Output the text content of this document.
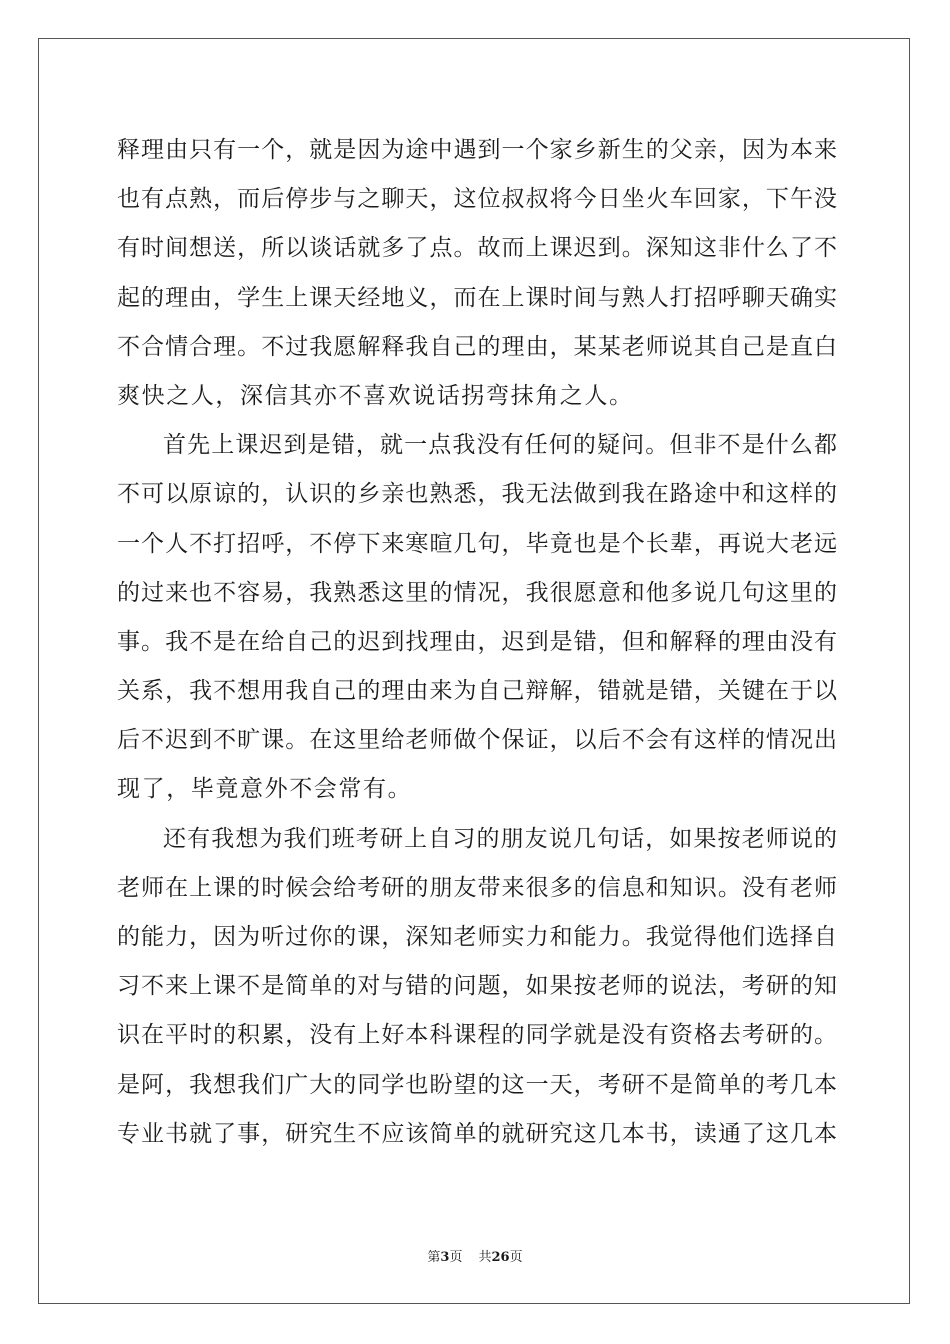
释理由只有一个，就是因为途中遇到一个家乡新生的父亲，因为本来
也有点熟，而后停步与之聊天，这位叔叔将今日坐火车回家，下午没
有时间想送，所以谈话就多了点。故而上课迟到。深知这非什么了不
起的理由，学生上课天经地义，而在上课时间与熟人打招呼聊天确实
不合情合理。不过我愿解释我自己的理由，某某老师说其自己是直白
爽快之人，深信其亦不喜欢说话拐弯抹角之人。
首先上课迟到是错，就一点我没有任何的疑问。但非不是什么都
不可以原谅的，认识的乡亲也熟悉，我无法做到我在路途中和这样的
一个人不打招呼，不停下来寒暄几句，毕竟也是个长辈，再说大老远
的过来也不容易，我熟悉这里的情况，我很愿意和他多说几句这里的
事。我不是在给自己的迟到找理由，迟到是错，但和解释的理由没有
关系，我不想用我自己的理由来为自己辩解，错就是错，关键在于以
后不迟到不旷课。在这里给老师做个保证，以后不会有这样的情况出
现了，毕竟意外不会常有。
还有我想为我们班考研上自习的朋友说几句话，如果按老师说的
老师在上课的时候会给考研的朋友带来很多的信息和知识。没有老师
的能力，因为听过你的课，深知老师实力和能力。我觉得他们选择自
习不来上课不是简单的对与错的问题，如果按老师的说法，考研的知
识在平时的积累，没有上好本科课程的同学就是没有资格去考研的。
是阿，我想我们广大的同学也盼望的这一天，考研不是简单的考几本
专业书就了事，研究生不应该简单的就研究这几本书，读通了这几本
第3页 共26页
